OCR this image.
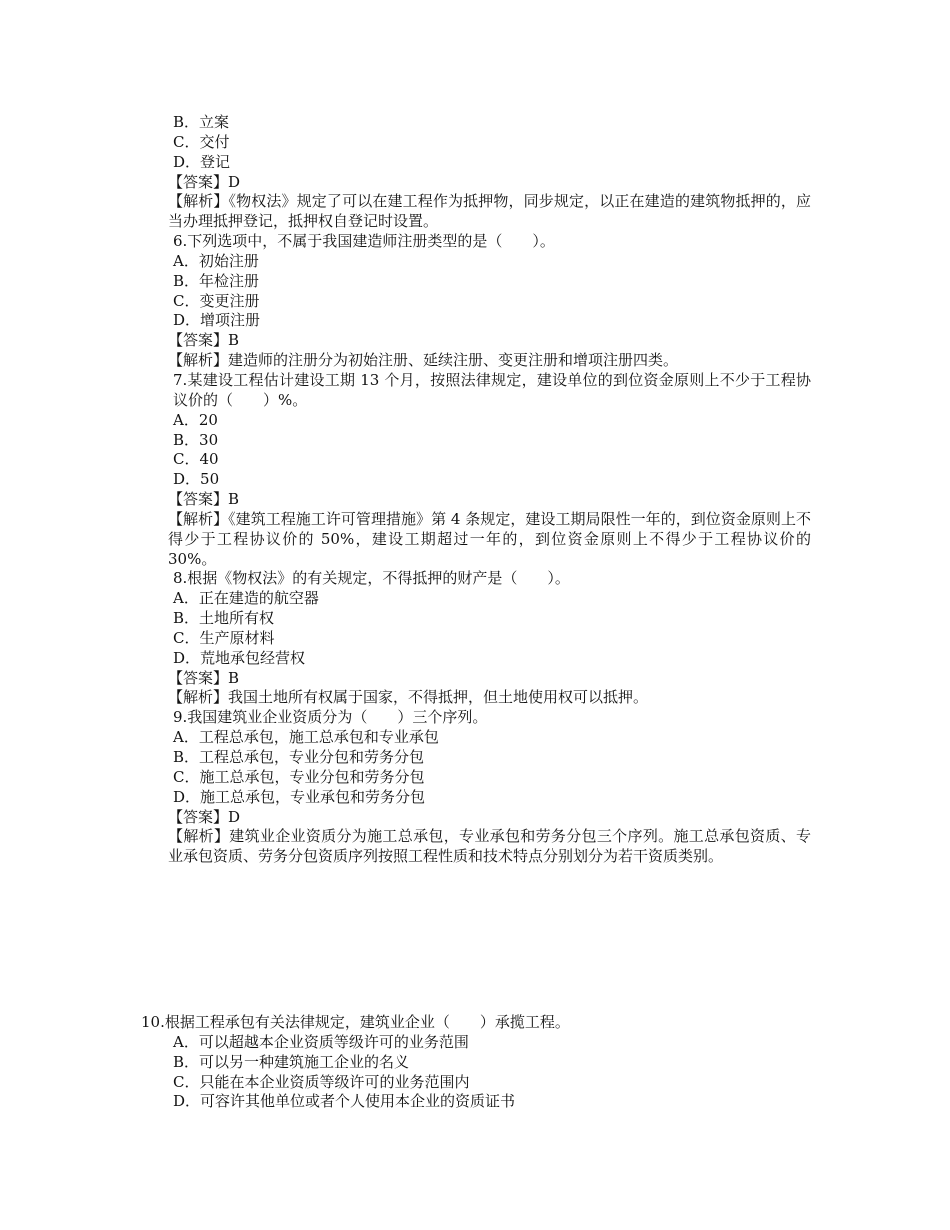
B．立案
C．交付
D．登记
【答案】D
【解析】《物权法》规定了可以在建工程作为抵押物，同步规定，以正在建造的建筑物抵押的，应当办理抵押登记，抵押权自登记时设置。
6.下列选项中，不属于我国建造师注册类型的是（　　）。
A．初始注册
B．年检注册
C．变更注册
D．增项注册
【答案】B
【解析】建造师的注册分为初始注册、延续注册、变更注册和增项注册四类。
7.某建设工程估计建设工期 13 个月，按照法律规定，建设单位的到位资金原则上不少于工程协议价的（　　）%。
A．20
B．30
C．40
D．50
【答案】B
【解析】《建筑工程施工许可管理措施》第 4 条规定，建设工期局限性一年的，到位资金原则上不得少于工程协议价的 50%，建设工期超过一年的，到位资金原则上不得少于工程协议价的 30%。
8.根据《物权法》的有关规定，不得抵押的财产是（　　）。
A．正在建造的航空器
B．土地所有权
C．生产原材料
D．荒地承包经营权
【答案】B
【解析】我国土地所有权属于国家，不得抵押，但土地使用权可以抵押。
9.我国建筑业企业资质分为（　　）三个序列。
A．工程总承包，施工总承包和专业承包
B．工程总承包，专业分包和劳务分包
C．施工总承包，专业分包和劳务分包
D．施工总承包，专业承包和劳务分包
【答案】D
【解析】建筑业企业资质分为施工总承包，专业承包和劳务分包三个序列。施工总承包资质、专业承包资质、劳务分包资质序列按照工程性质和技术特点分别划分为若干资质类别。
10.根据工程承包有关法律规定，建筑业企业（　　）承揽工程。
A．可以超越本企业资质等级许可的业务范围
B．可以另一种建筑施工企业的名义
C．只能在本企业资质等级许可的业务范围内
D．可容许其他单位或者个人使用本企业的资质证书
